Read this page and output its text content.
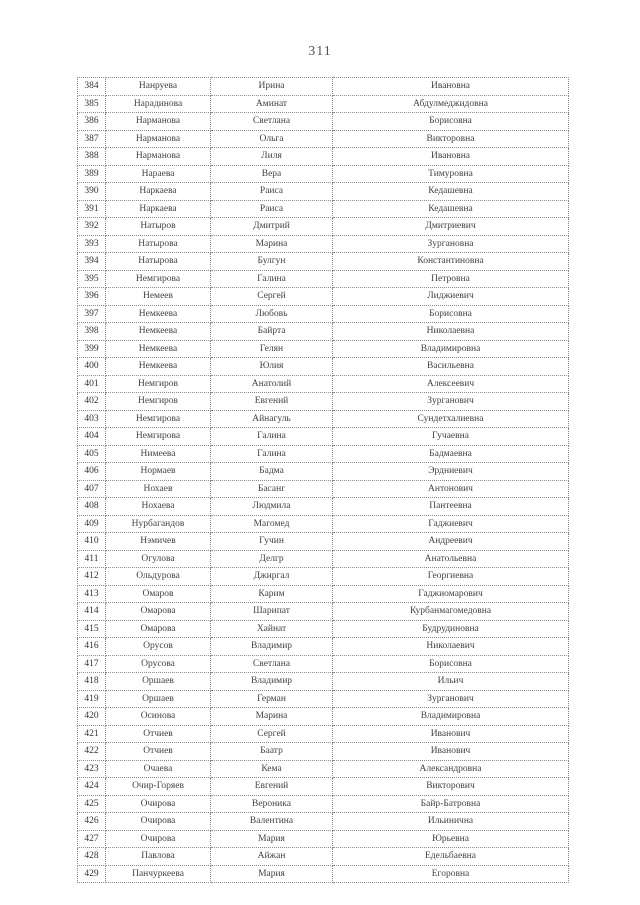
311
384	Нанруева	Ирина	Ивановна
385	Нарадинова	Аминат	Абдулмеджидовна
386	Нарманова	Светлана	Борисовна
387	Нарманова	Ольга	Викторовна
388	Нарманова	Лиля	Ивановна
389	Нараева	Вера	Тимуровна
390	Наркаева	Раиса	Кедашевна
391	Наркаева	Раиса	Кедашевна
392	Натыров	Дмитрий	Дмитриевич
393	Натырова	Марина	Зургановна
394	Натырова	Булгун	Константиновна
395	Немгирова	Галина	Петровна
396	Немеев	Сергей	Лиджиевич
397	Немкеева	Любовь	Борисовна
398	Немкеева	Байрта	Николаевна
399	Немкеева	Гелян	Владимировна
400	Немкеева	Юлия	Васильевна
401	Немгиров	Анатолий	Алексеевич
402	Немгиров	Евгений	Зурганович
403	Немгирова	Айнагуль	Сундетхалиевна
404	Немгирова	Галина	Гучаевна
405	Нимеева	Галина	Бадмаевна
406	Нормаев	Бадма	Эрдниевич
407	Нохаев	Басанг	Антонович
408	Нохаева	Людмила	Пантеевна
409	Нурбагандов	Магомед	Гаджиевич
410	Нэмичев	Гучин	Андреевич
411	Огулова	Делгр	Анатольевна
412	Ольдурова	Джиргал	Георгиевна
413	Омаров	Карим	Гаджиомарович
414	Омарова	Шарипат	Курбанмагомедовна
415	Омарова	Хайнат	Будрудиновна
416	Орусов	Владимир	Николаевич
417	Орусова	Светлана	Борисовна
418	Оршаев	Владимир	Ильич
419	Оршаев	Герман	Зурганович
420	Осинова	Марина	Владимировна
421	Отчиев	Сергей	Иванович
422	Отчиев	Баатр	Иванович
423	Очаева	Кема	Александровна
424	Очир-Горяев	Евгений	Викторович
425	Очирова	Вероника	Байр-Батровна
426	Очирова	Валентина	Ильинична
427	Очирова	Мария	Юрьевна
428	Павлова	Айжан	Едельбаевна
429	Панчуркеева	Мария	Егоровна
